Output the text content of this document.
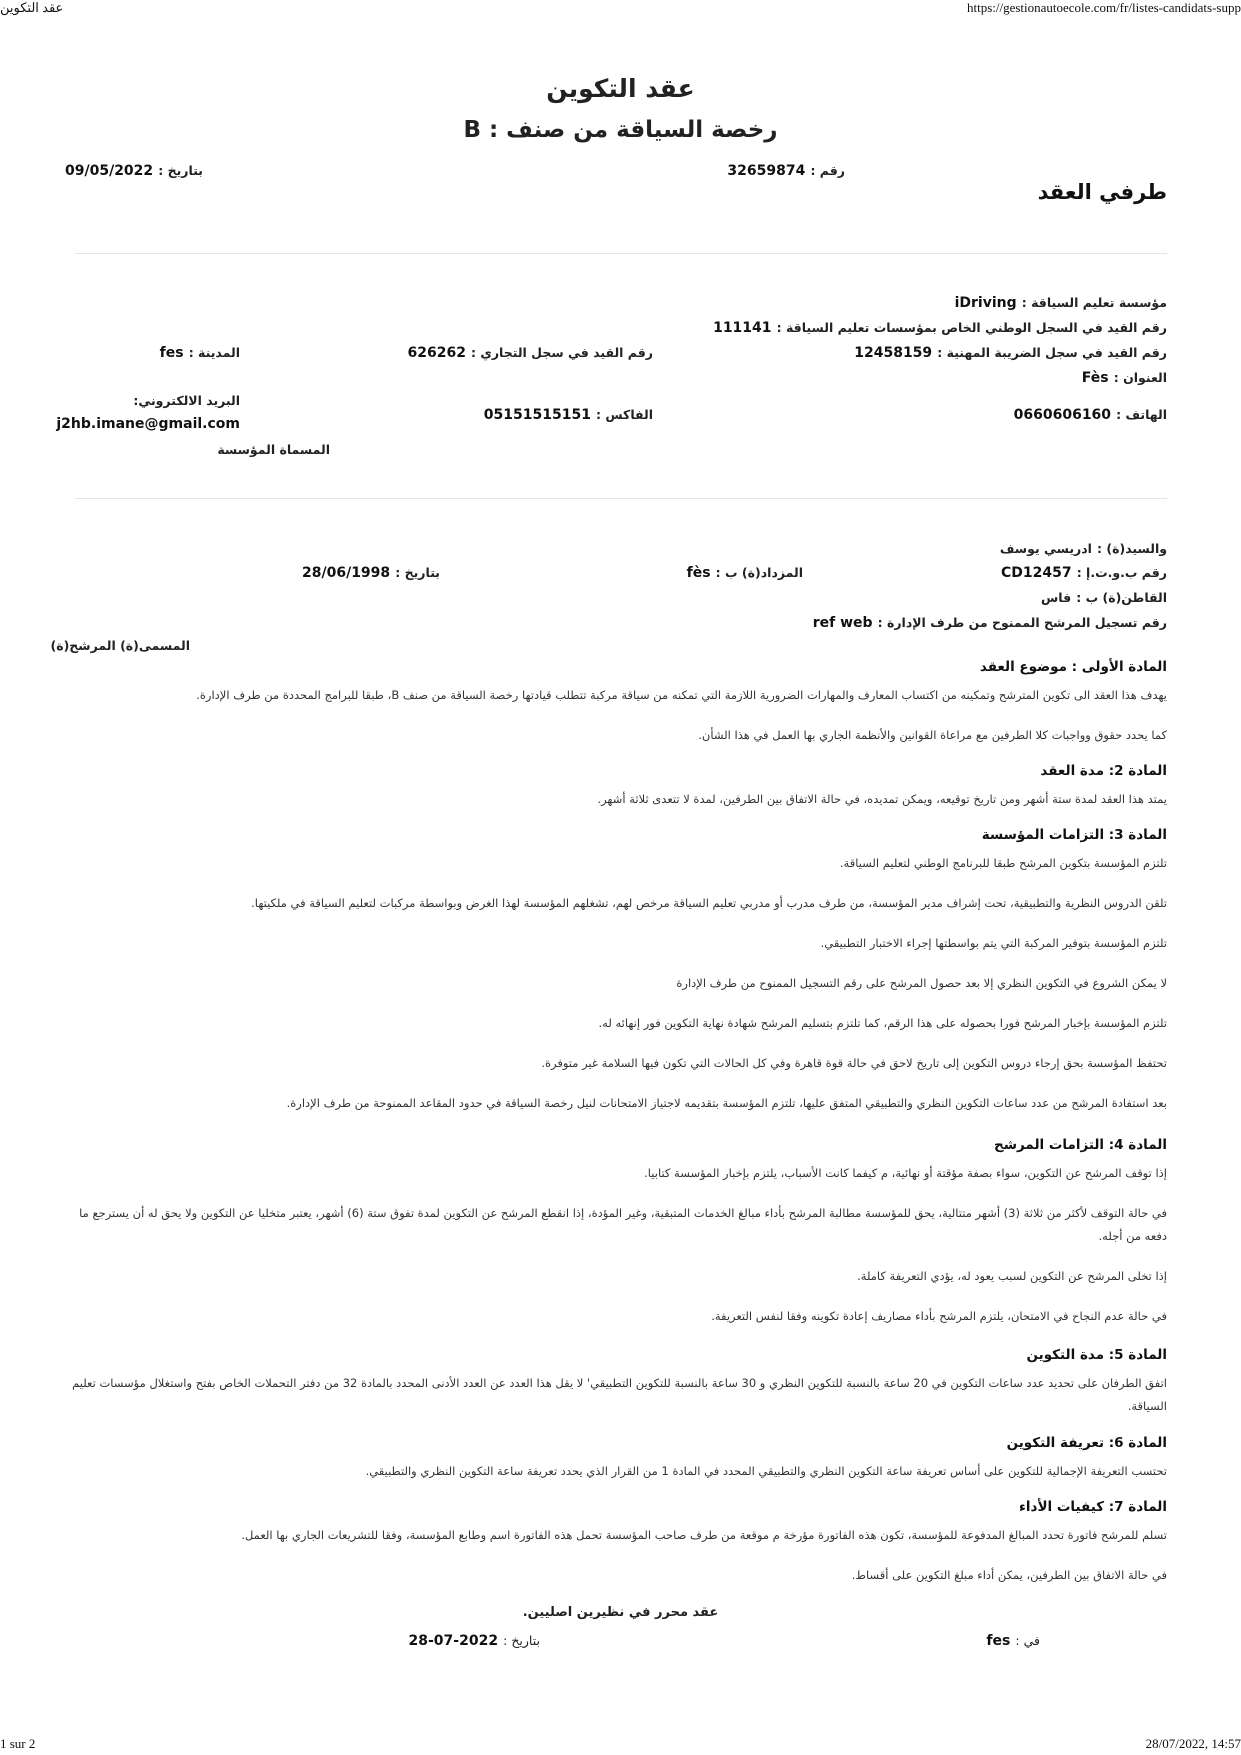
عقد التكوين	https://gestionautoecole.com/fr/listes-candidats-supp
1 sur 2	28/07/2022, 14:57
عقد التكوين
رخصة السياقة من صنف : B
رقم : 32659874
بتاريخ : 09/05/2022
طرفي العقد
مؤسسة تعليم السياقة : iDriving
رقم القيد في السجل الوطني الخاص بمؤسسات تعليم السياقة : 111141
رقم القيد في سجل الضريبة المهنية : 12458159
رقم القيد في سجل التجاري : 626262
المدينة : fes
العنوان : Fès
الهاتف : 0660606160
الفاكس : 05151515151
البريد الالكتروني:
j2hb.imane@gmail.com
المسماة المؤسسة
والسيد(ة) : ادريسي يوسف
رقم ب.و.ت.إ : CD12457
المزداد(ة) ب : fès
بتاريخ : 28/06/1998
القاطن(ة) ب : فاس
رقم تسجيل المرشح الممنوح من طرف الإدارة : ref web
المسمى(ة) المرشح(ة)
المادة الأولى : موضوع العقد
يهدف هذا العقد الى تكوين المترشح وتمكينه من اكتساب المعارف والمهارات الضرورية اللازمة التي تمكنه من سياقة مركبة تتطلب قيادتها رخصة السياقة من صنف B، طبقا للبرامج المحددة من طرف الإدارة.
كما يحدد حقوق وواجبات كلا الطرفين مع مراعاة القوانين والأنظمة الجاري بها العمل في هذا الشأن.
المادة 2: مدة العقد
يمتد هذا العقد لمدة ستة أشهر ومن تاريخ توقيعه، ويمكن تمديده، في حالة الاتفاق بين الطرفين، لمدة لا تتعدى ثلاثة أشهر.
المادة 3: التزامات المؤسسة
تلتزم المؤسسة بتكوين المرشح طبقا للبرنامج الوطني لتعليم السياقة.
تلقن الدروس النظرية والتطبيقية، تحت إشراف مدير المؤسسة، من طرف مدرب أو مدربي تعليم السياقة مرخص لهم، تشغلهم المؤسسة لهذا الغرض وبواسطة مركبات لتعليم السياقة في ملكيتها.
تلتزم المؤسسة بتوفير المركبة التي يتم بواسطتها إجراء الاختبار التطبيقي.
لا يمكن الشروع في التكوين النظري إلا بعد حصول المرشح على رقم التسجيل الممنوح من طرف الإدارة
تلتزم المؤسسة بإخبار المرشح فورا بحصوله على هذا الرقم، كما تلتزم بتسليم المرشح شهادة نهاية التكوين فور إنهائه له.
تحتفظ المؤسسة بحق إرجاء دروس التكوين إلى تاريخ لاحق في حالة قوة قاهرة وفي كل الحالات التي تكون فيها السلامة غير متوفرة.
بعد استفادة المرشح من عدد ساعات التكوين النظري والتطبيقي المتفق عليها، تلتزم المؤسسة بتقديمه لاجتياز الامتحانات لنيل رخصة السياقة في حدود المقاعد الممنوحة من طرف الإدارة.
المادة 4: التزامات المرشح
إذا توقف المرشح عن التكوين، سواء بصفة مؤقتة أو نهائية، م كيفما كانت الأسباب، يلتزم بإخبار المؤسسة كتابيا.
في حالة التوقف لأكثر من ثلاثة (3) أشهر متتالية، يحق للمؤسسة مطالبة المرشح بأداء مبالغ الخدمات المتبقية، وغير المؤدة، إذا انقطع المرشح عن التكوين لمدة تفوق ستة (6) أشهر، يعتبر متخليا عن التكوين ولا يحق له أن يسترجع ما دفعه من أجله.
إذا تخلى المرشح عن التكوين لسبب يعود له، يؤدي التعريفة كاملة.
في حالة عدم النجاح في الامتحان، يلتزم المرشح بأداء مصاريف إعادة تكوينه وفقا لنفس التعريفة.
المادة 5: مدة التكوين
اتفق الطرفان على تحديد عدد ساعات التكوين في 20 ساعة بالنسبة للتكوين النظري و 30 ساعة بالنسبة للتكوين التطبيقي' لا يقل هذا العدد عن العدد الأدنى المحدد بالمادة 32 من دفتر التحملات الخاص بفتح واستغلال مؤسسات تعليم السياقة.
المادة 6: تعريفة التكوين
تحتسب التعريفة الإجمالية للتكوين على أساس تعريفة ساعة التكوين النظري والتطبيقي المحدد في المادة 1 من القرار الذي يحدد تعريفة ساعة التكوين النظري والتطبيقي.
المادة 7: كيفيات الأداء
تسلم للمرشح فاتورة تحدد المبالغ المدفوعة للمؤسسة، تكون هذه الفاتورة مؤرخة م موقعة من طرف صاحب المؤسسة تحمل هذه الفاتورة اسم وطابع المؤسسة، وفقا للتشريعات الجاري بها العمل.
في حالة الاتفاق بين الطرفين، يمكن أداء مبلغ التكوين على أقساط.
عقد محرر في نظيرين اصليين.
في : fes
بتاريخ : 2022-07-28
